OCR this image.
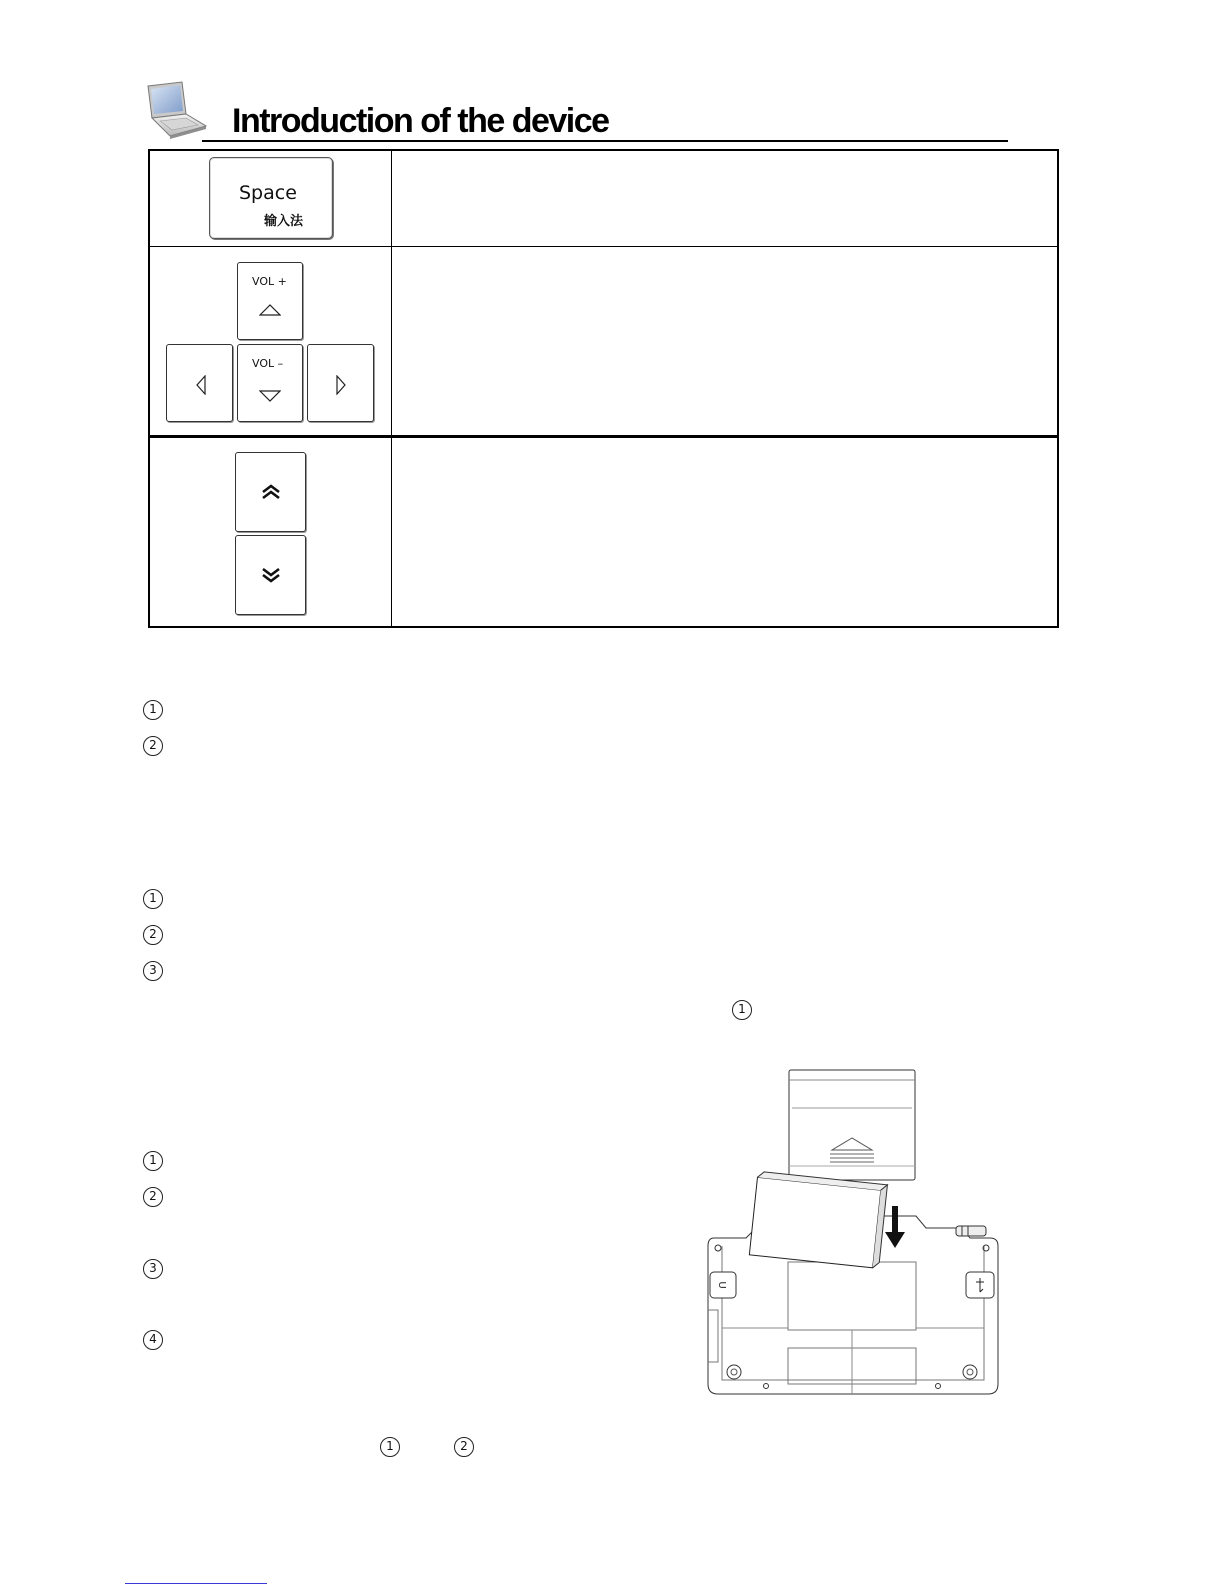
Introduction of the device
Space
输入法
VOL +
VOL –
1
2
1
2
3
1
1
2
3
4
1	2
U
